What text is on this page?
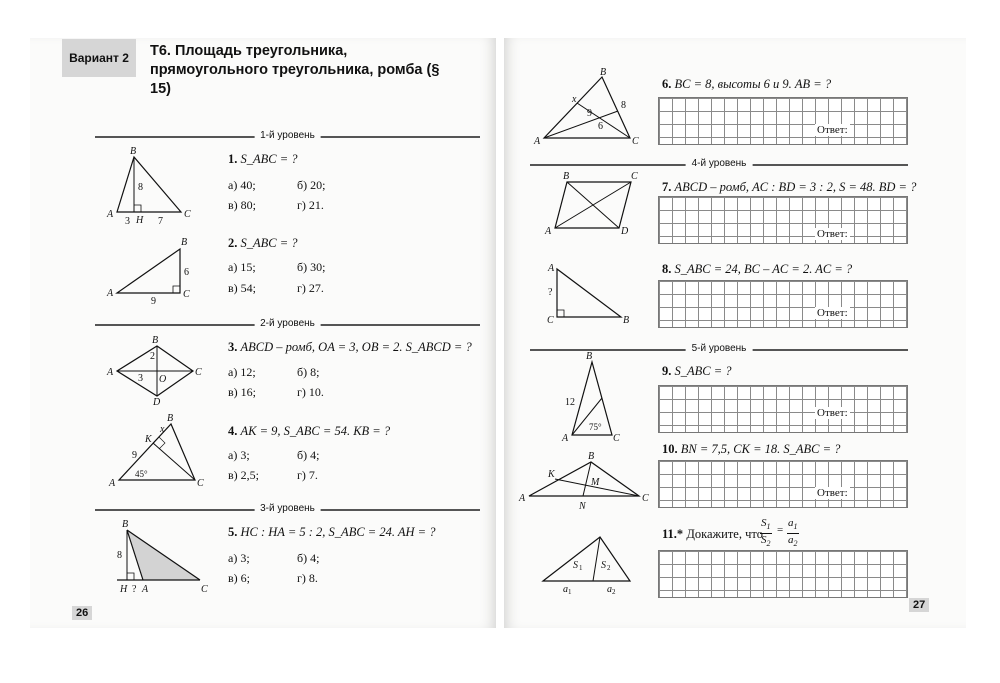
Вариант 2	Т6. Площадь треугольника, прямоугольного треугольника, ромба (§ 15)
1-й уровень
2-й уровень
3-й уровень
B
A	C
H
8
3	7
1. S_ABC = ?
а) 40;	б) 20;
в) 80;	г) 21.
B
A	C
6
9
2. S_ABC = ?
а) 15;	б) 30;
в) 54;	г) 27.
B
A	C
D
O
2
3
3. ABCD – ромб, OA = 3, OB = 2. S_ABCD = ?
а) 12;	б) 8;
в) 16;	г) 10.
B
A	C
K
x
9
45°
4. AK = 9, S_ABC = 54. KB = ?
а) 3;	б) 4;
в) 2,5;	г) 7.
B
H ? A	C
8
5. HC : HA = 5 : 2, S_ABC = 24. AH = ?
а) 3;	б) 4;
в) 6;	г) 8.
26
B
A	C
x
9
6
8
6. BC = 8, высоты 6 и 9. AB = ?
Ответ:
4-й уровень
B	C
A	D
7. ABCD – ромб, AC : BD = 3 : 2, S = 48. BD = ?
Ответ:
A
C	B
?
8. S_ABC = 24, BC – AC = 2. AC = ?
Ответ:
5-й уровень
B
A	C
12
75°
9. S_ABC = ?
Ответ:
B
A	C
K
M
N
10. BN = 7,5, CK = 18. S_ABC = ?
Ответ:
S 1 S 2
a 1	a 2
11.* Докажите, что
$S_1$
$S_2$
=
$a_1$
$a_2$
27
